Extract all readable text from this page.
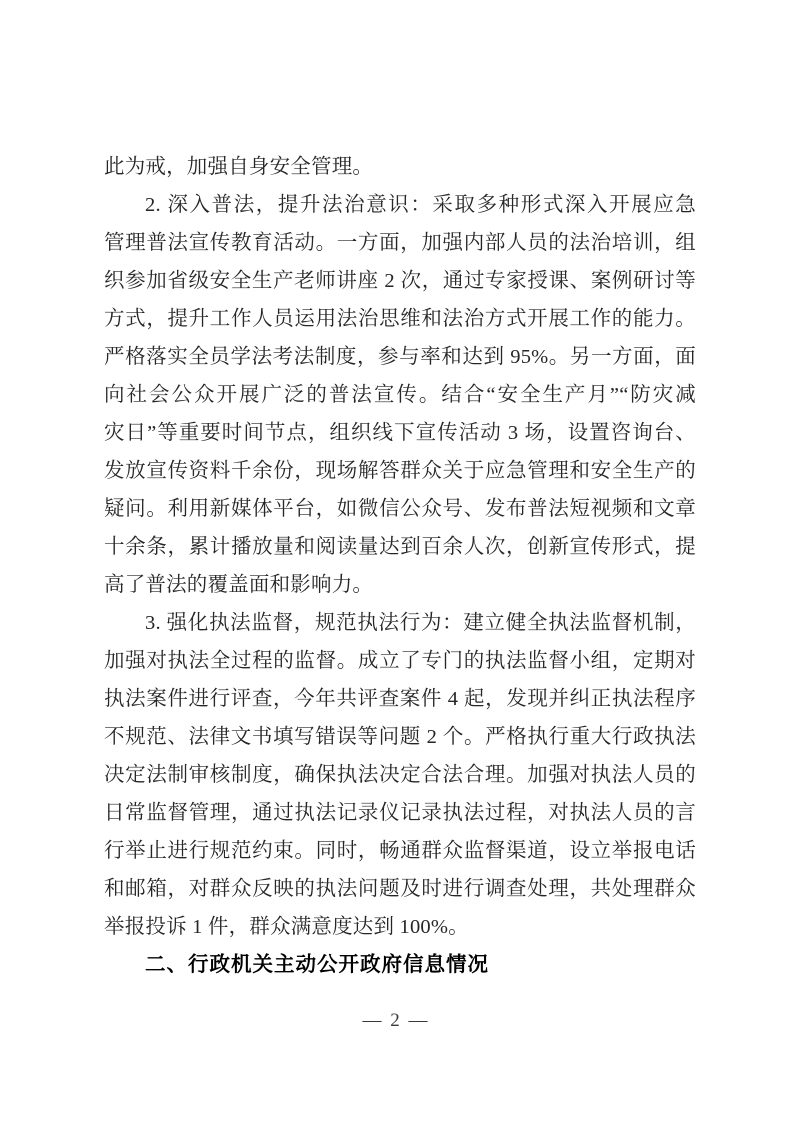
此为戒，加强自身安全管理。
2. 深入普法，提升法治意识：采取多种形式深入开展应急
管理普法宣传教育活动。一方面，加强内部人员的法治培训，组
织参加省级安全生产老师讲座 2 次，通过专家授课、案例研讨等
方式，提升工作人员运用法治思维和法治方式开展工作的能力。
严格落实全员学法考法制度，参与率和达到 95%。另一方面，面
向社会公众开展广泛的普法宣传。结合“安全生产月”“防灾减
灾日”等重要时间节点，组织线下宣传活动 3 场，设置咨询台、
发放宣传资料千余份，现场解答群众关于应急管理和安全生产的
疑问。利用新媒体平台，如微信公众号、发布普法短视频和文章
十余条，累计播放量和阅读量达到百余人次，创新宣传形式，提
高了普法的覆盖面和影响力。
3. 强化执法监督，规范执法行为：建立健全执法监督机制，
加强对执法全过程的监督。成立了专门的执法监督小组，定期对
执法案件进行评查，今年共评查案件 4 起，发现并纠正执法程序
不规范、法律文书填写错误等问题 2 个。严格执行重大行政执法
决定法制审核制度，确保执法决定合法合理。加强对执法人员的
日常监督管理，通过执法记录仪记录执法过程，对执法人员的言
行举止进行规范约束。同时，畅通群众监督渠道，设立举报电话
和邮箱，对群众反映的执法问题及时进行调查处理，共处理群众
举报投诉 1 件，群众满意度达到 100%。
二、行政机关主动公开政府信息情况
— 2 —
